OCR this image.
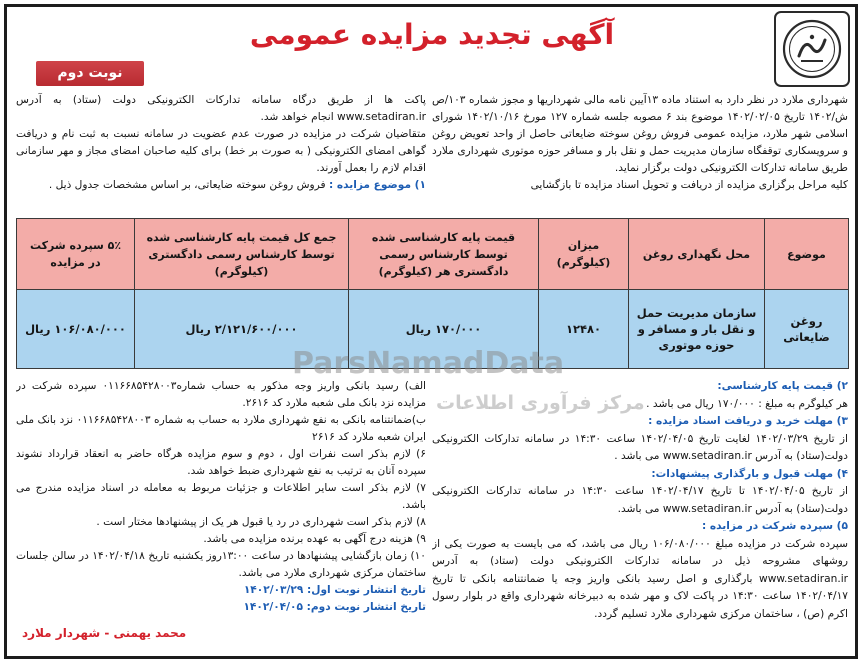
آگهی تجدید مزایده عمومی
نوبت دوم

شهرداری ملارد در نظر دارد به استناد ماده ۱۳آیین نامه مالی شهرداریها و مجوز شماره ۱۰۳/ص ش/۱۴۰۲ تاریخ ۱۴۰۲/۰۲/۰۵ موضوع بند ۶ مصوبه جلسه شماره ۱۲۷ مورخ ۱۴۰۲/۱۰/۱۶ شورای اسلامی شهر ملارد، مزایده عمومی فروش روغن سوخته ضایعاتی حاصل از واحد تعویض روغن و سرویسکاری توقفگاه سازمان مدیریت حمل و نقل بار و مسافر حوزه موتوری شهرداری ملارد طریق سامانه تدارکات الکترونیکی دولت برگزار نماید.

کلیه مراحل برگزاری مزایده از دریافت و تحویل اسناد مزایده تا بازگشایی

پاکت ها از طریق درگاه سامانه تدارکات الکترونیکی دولت (ستاد) به آدرس www.setadiran.ir انجام خواهد شد.

متقاضیان شرکت در مزایده در صورت عدم عضویت در سامانه نسبت به ثبت نام و دریافت گواهی امضای الکترونیکی ( به صورت بر خط) برای کلیه صاحبان امضای مجاز و مهر سازمانی اقدام لازم را بعمل آورند.

۱) موضوع مزایده : فروش روغن سوخته ضایعاتی، بر اساس مشخصات جدول ذیل .

موضوع	محل نگهداری روغن	میزان (کیلوگرم)	قیمت پایه کارشناسی شده توسط کارشناس رسمی دادگستری هر (کیلوگرم)	جمع کل قیمت پایه کارشناسی شده توسط کارشناس رسمی دادگستری (کیلوگرم)	۵٪ سپرده شرکت در مزایده
روغن ضایعاتی	سازمان مدیریت حمل و نقل بار و مسافر و حوزه موتوری	۱۲۴۸۰	۱۷۰/۰۰۰ ریال	۲/۱۲۱/۶۰۰/۰۰۰ ریال	۱۰۶/۰۸۰/۰۰۰ ریال

۲) قیمت پایه کارشناسی:

هر کیلوگرم به مبلغ : ۱۷۰/۰۰۰ ریال می باشد .

۳) مهلت خرید و دریافت اسناد مزایده :

از تاریخ ۱۴۰۲/۰۳/۲۹ لغایت تاریخ ۱۴۰۲/۰۴/۰۵ ساعت ۱۴:۳۰ در سامانه تدارکات الکترونیکی دولت(ستاد) به آدرس www.setadiran.ir می باشد .

۴) مهلت قبول و بارگذاری پیشنهادات:

از تاریخ ۱۴۰۲/۰۴/۰۵ تا تاریخ ۱۴۰۲/۰۴/۱۷ ساعت ۱۴:۳۰ در سامانه تدارکات الکترونیکی دولت(ستاد) به آدرس www.setadiran.ir می باشد.

۵) سپرده شرکت در مزایده :

سپرده شرکت در مزایده مبلغ ۱۰۶/۰۸۰/۰۰۰ ریال می باشد، که می بایست به صورت یکی از روشهای مشروحه ذیل در سامانه تدارکات الکترونیکی دولت (ستاد) به آدرس www.setadiran.ir بارگذاری و اصل رسید بانکی واریز وجه یا ضمانتنامه بانکی تا تاریخ ۱۴۰۲/۰۴/۱۷ ساعت ۱۴:۳۰ در پاکت لاک و مهر شده به دبیرخانه شهرداری واقع در بلوار رسول اکرم (ص) ، ساختمان مرکزی شهرداری ملارد تسلیم گردد.

الف) رسید بانکی واریز وجه مذکور به حساب شماره۰۱۱۶۶۸۵۴۲۸۰۰۳ سپرده شرکت در مزایده نزد بانک ملی شعبه ملارد کد ۲۶۱۶.

ب)ضمانتنامه بانکی به نفع شهرداری ملارد به حساب به شماره ۰۱۱۶۶۸۵۴۲۸۰۰۳ نزد بانک ملی ایران شعبه ملارد کد ۲۶۱۶

۶) لازم بذکر است نفرات اول ، دوم و سوم مزایده هرگاه حاضر به انعقاد قرارداد نشوند سپرده آنان به ترتیب به نفع شهرداری ضبط خواهد شد.

۷) لازم بذکر است سایر اطلاعات و جزئیات مربوط به معامله در اسناد مزایده مندرج می باشد.

۸) لازم بذکر است شهرداری در رد یا قبول هر یک از پیشنهادها مختار است .

۹) هزینه درج آگهی به عهده برنده مزایده می باشد.

۱۰) زمان بازگشایی پیشنهادها در ساعت ۱۳:۰۰روز یکشنبه تاریخ ۱۴۰۲/۰۴/۱۸ در سالن جلسات ساختمان مرکزی شهرداری ملارد می باشد.

تاریخ انتشار نوبت اول: ۱۴۰۲/۰۳/۲۹

تاریخ انتشار نوبت دوم: ۱۴۰۲/۰۴/۰۵

محمد یهمنی - شهردار ملارد
ParsNamadData
مرکز فرآوری اطلاعات
